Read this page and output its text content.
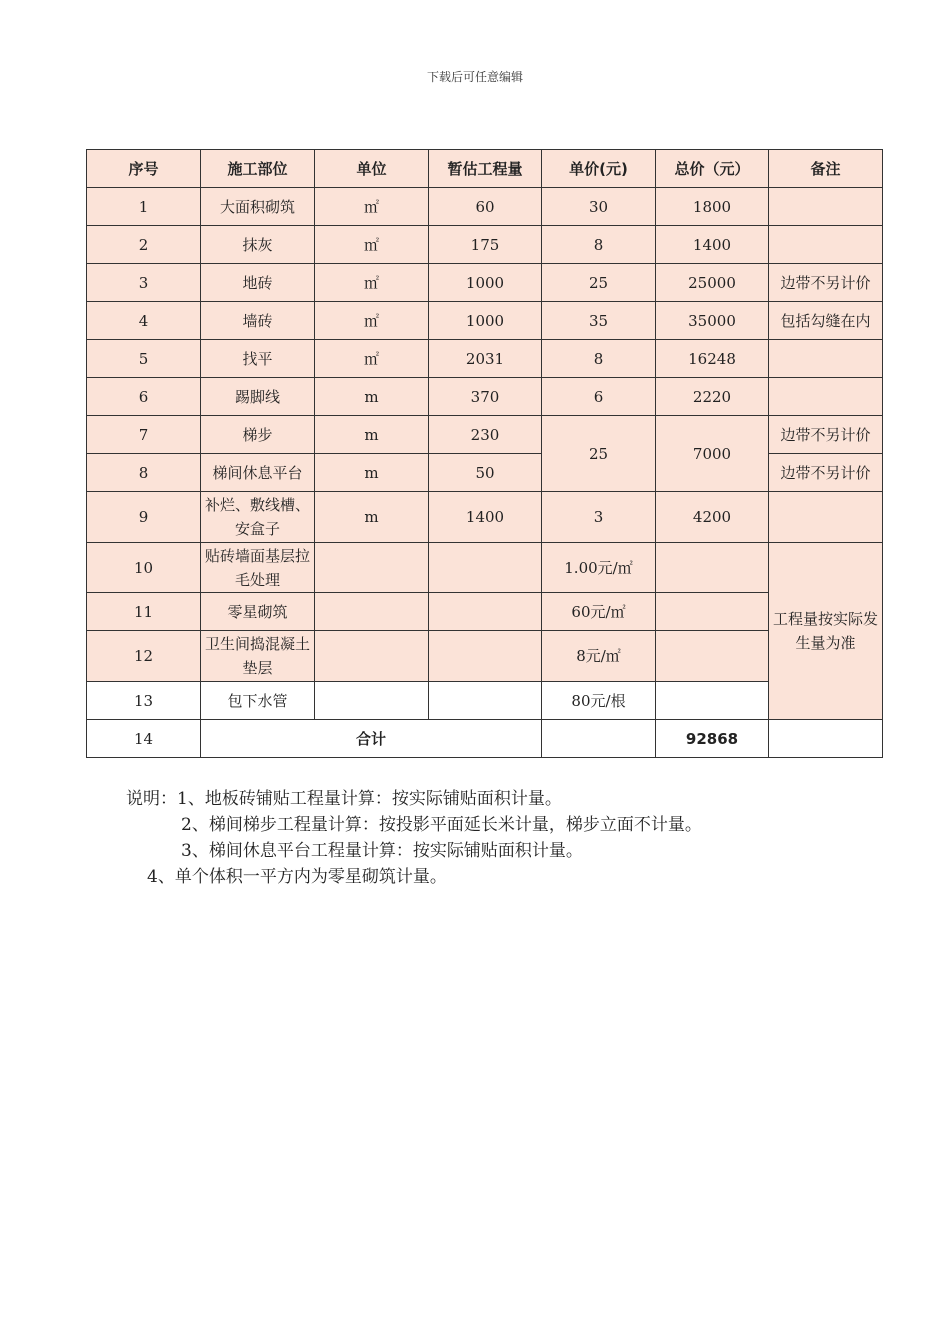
下载后可任意编辑
序号	施工部位	单位	暂估工程量	单价(元)	总价（元）	备注
1	大面积砌筑	㎡	60	30	1800	
2	抹灰	㎡	175	8	1400	
3	地砖	㎡	1000	25	25000	边带不另计价
4	墙砖	㎡	1000	35	35000	包括勾缝在内
5	找平	㎡	2031	8	16248	
6	踢脚线	m	370	6	2220	
7	梯步	m	230	25	7000	边带不另计价
8	梯间休息平台	m	50			边带不另计价
9	补烂、敷线槽、安盒子	m	1400	3	4200	
10	贴砖墙面基层拉毛处理			1.00元/㎡		工程量按实际发生量为准
11	零星砌筑			60元/㎡		
12	卫生间捣混凝土垫层			8元/㎡		
13	包下水管			80元/根		
14	合计				92868	
说明：1、地板砖铺贴工程量计算：按实际铺贴面积计量。
2、梯间梯步工程量计算：按投影平面延长米计量，梯步立面不计量。
3、梯间休息平台工程量计算：按实际铺贴面积计量。
4、单个体积一平方内为零星砌筑计量。
